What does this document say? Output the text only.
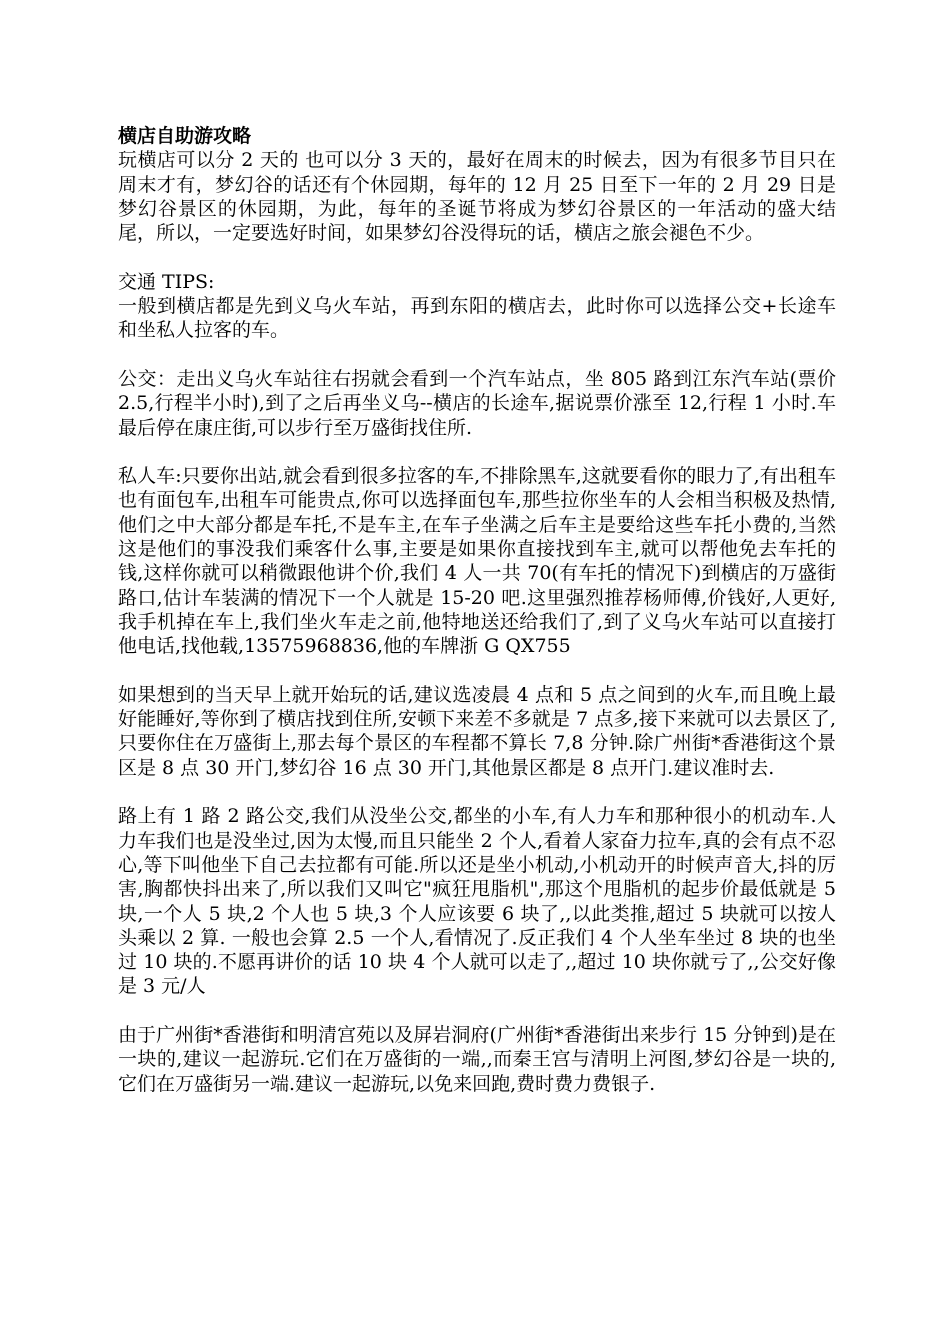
横店自助游攻略

玩横店可以分 2 天的 也可以分 3 天的，最好在周末的时候去，因为有很多节目只在周末才有，梦幻谷的话还有个休园期，每年的 12 月 25 日至下一年的 2 月 29 日是梦幻谷景区的休园期，为此，每年的圣诞节将成为梦幻谷景区的一年活动的盛大结尾，所以，一定要选好时间，如果梦幻谷没得玩的话，横店之旅会褪色不少。

交通 TIPS:

一般到横店都是先到义乌火车站，再到东阳的横店去，此时你可以选择公交+长途车和坐私人拉客的车。

公交：走出义乌火车站往右拐就会看到一个汽车站点，坐 805 路到江东汽车站(票价 2.5,行程半小时),到了之后再坐义乌--横店的长途车,据说票价涨至 12,行程 1 小时.车最后停在康庄街,可以步行至万盛街找住所.

私人车:只要你出站,就会看到很多拉客的车,不排除黑车,这就要看你的眼力了,有出租车也有面包车,出租车可能贵点,你可以选择面包车,那些拉你坐车的人会相当积极及热情,他们之中大部分都是车托,不是车主,在车子坐满之后车主是要给这些车托小费的,当然这是他们的事没我们乘客什么事,主要是如果你直接找到车主,就可以帮他免去车托的钱,这样你就可以稍微跟他讲个价,我们 4 人一共 70(有车托的情况下)到横店的万盛街路口,估计车装满的情况下一个人就是 15-20 吧.这里强烈推荐杨师傅,价钱好,人更好,我手机掉在车上,我们坐火车走之前,他特地送还给我们了,到了义乌火车站可以直接打他电话,找他载,13575968836,他的车牌浙 G QX755

如果想到的当天早上就开始玩的话,建议选凌晨 4 点和 5 点之间到的火车,而且晚上最好能睡好,等你到了横店找到住所,安顿下来差不多就是 7 点多,接下来就可以去景区了,只要你住在万盛街上,那去每个景区的车程都不算长 7,8 分钟.除广州街*香港街这个景区是 8 点 30 开门,梦幻谷 16 点 30 开门,其他景区都是 8 点开门.建议准时去.

路上有 1 路 2 路公交,我们从没坐公交,都坐的小车,有人力车和那种很小的机动车.人力车我们也是没坐过,因为太慢,而且只能坐 2 个人,看着人家奋力拉车,真的会有点不忍心,等下叫他坐下自己去拉都有可能.所以还是坐小机动,小机动开的时候声音大,抖的厉害,胸都快抖出来了,所以我们又叫它"疯狂甩脂机",那这个甩脂机的起步价最低就是 5 块,一个人 5 块,2 个人也 5 块,3 个人应该要 6 块了,,以此类推,超过 5 块就可以按人头乘以 2 算. 一般也会算 2.5 一个人,看情况了.反正我们 4 个人坐车坐过 8 块的也坐过 10 块的.不愿再讲价的话 10 块 4 个人就可以走了,,超过 10 块你就亏了,,公交好像是 3 元/人

由于广州街*香港街和明清宫苑以及屏岩洞府(广州街*香港街出来步行 15 分钟到)是在一块的,建议一起游玩.它们在万盛街的一端,,而秦王宫与清明上河图,梦幻谷是一块的,它们在万盛街另一端.建议一起游玩,以免来回跑,费时费力费银子.
